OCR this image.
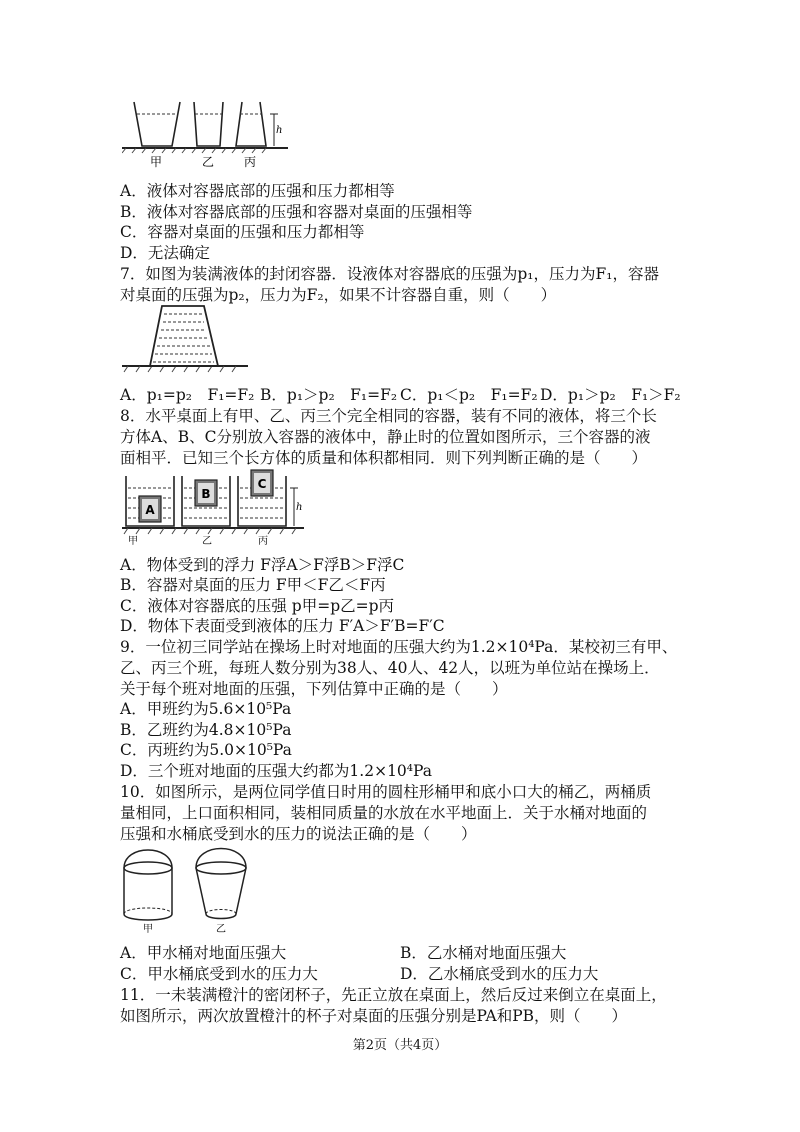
h
甲	乙 丙
A．液体对容器底部的压强和压力都相等
B．液体对容器底部的压强和容器对桌面的压强相等
C．容器对桌面的压强和压力都相等
D．无法确定
7．如图为装满液体的封闭容器．设液体对容器底的压强为p₁，压力为F₁，容器
对桌面的压强为p₂，压力为F₂，如果不计容器自重，则（　　）
A．p₁=p₂　F₁=F₂ B．p₁＞p₂　F₁=F₂ C．p₁＜p₂　F₁=F₂ D．p₁＞p₂　F₁＞F₂
8．水平桌面上有甲、乙、丙三个完全相同的容器，装有不同的液体，将三个长
方体A、B、C分别放入容器的液体中，静止时的位置如图所示，三个容器的液
面相平．已知三个长方体的质量和体积都相同．则下列判断正确的是（　　）
A
B
C
h
甲	乙	丙
A．物体受到的浮力 F浮A＞F浮B＞F浮C
B．容器对桌面的压力 F甲＜F乙＜F丙
C．液体对容器底的压强 p甲=p乙=p丙
D．物体下表面受到液体的压力 F′A＞F′B=F′C
9．一位初三同学站在操场上时对地面的压强大约为1.2×10⁴Pa．某校初三有甲、
乙、丙三个班，每班人数分别为38人、40人、42人，以班为单位站在操场上．
关于每个班对地面的压强，下列估算中正确的是（　　）
A．甲班约为5.6×10⁵Pa
B．乙班约为4.8×10⁵Pa
C．丙班约为5.0×10⁵Pa
D．三个班对地面的压强大约都为1.2×10⁴Pa
10．如图所示，是两位同学值日时用的圆柱形桶甲和底小口大的桶乙，两桶质
量相同，上口面积相同，装相同质量的水放在水平地面上．关于水桶对地面的
压强和水桶底受到水的压力的说法正确的是（　　）
甲	乙
A．甲水桶对地面压强大	B．乙水桶对地面压强大
C．甲水桶底受到水的压力大	D．乙水桶底受到水的压力大
11．一未装满橙汁的密闭杯子，先正立放在桌面上，然后反过来倒立在桌面上，
如图所示，两次放置橙汁的杯子对桌面的压强分别是PA和PB，则（　　）
第2页（共4页）
